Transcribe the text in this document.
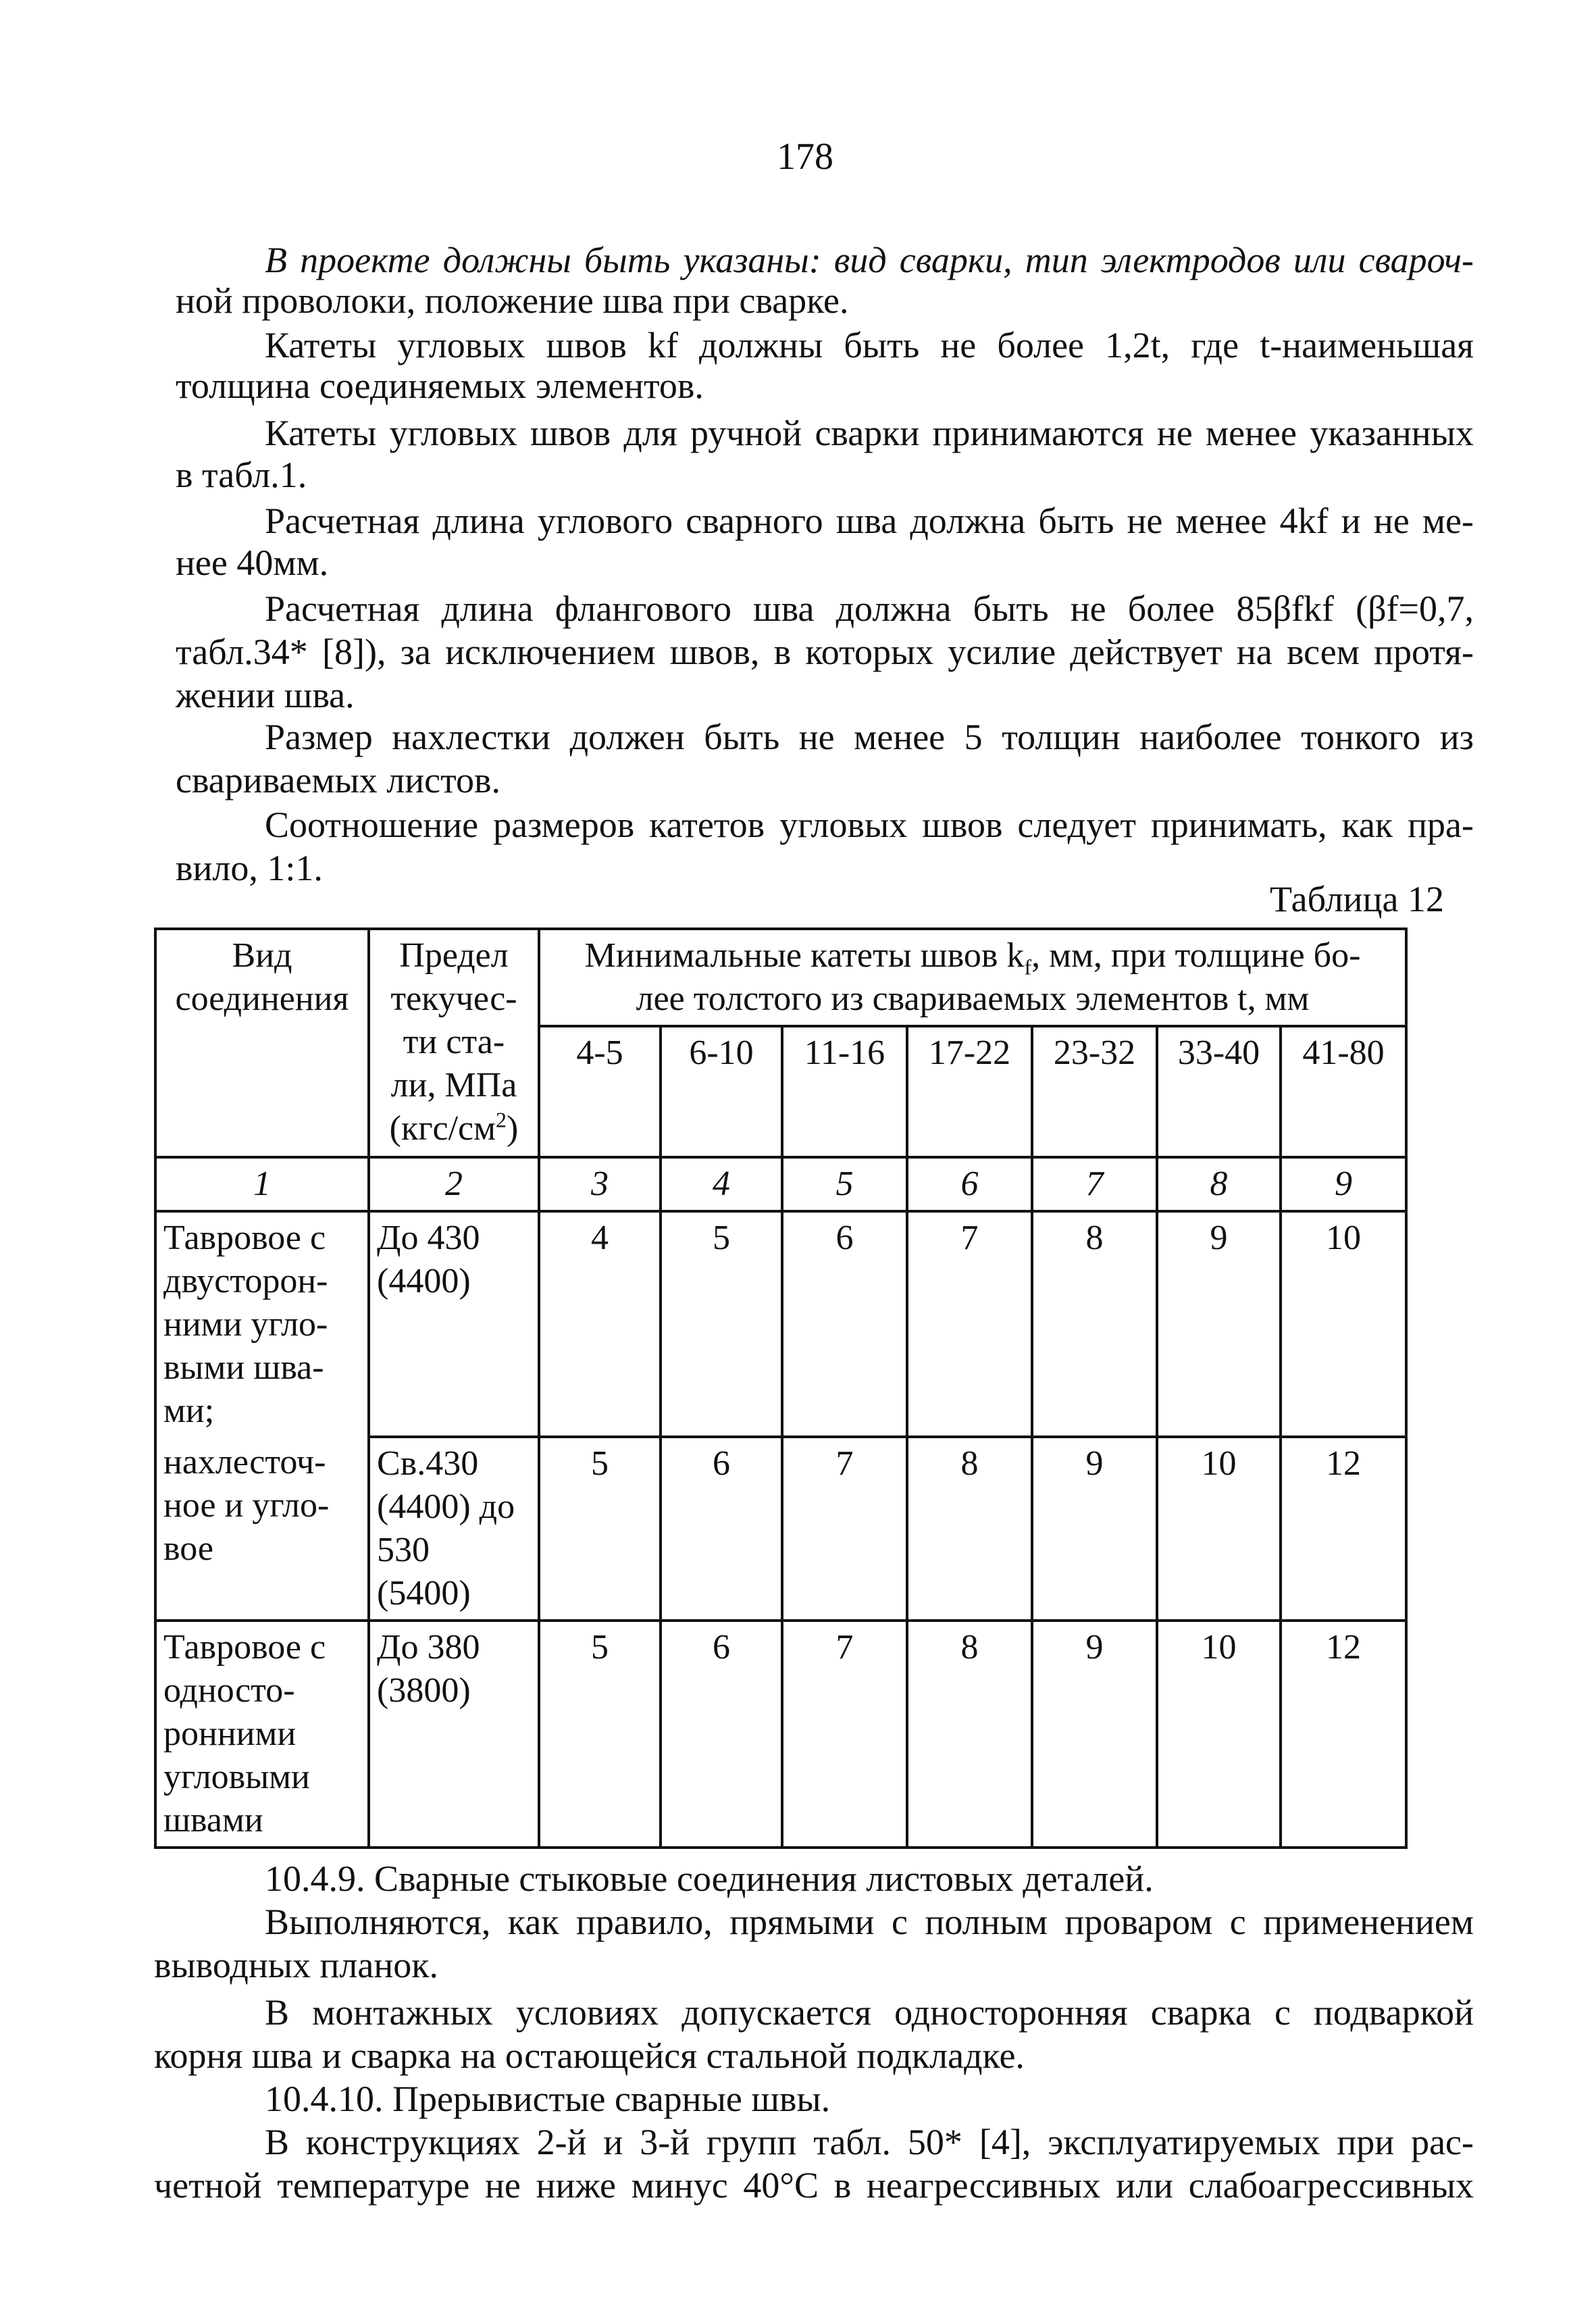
178
В проекте должны быть указаны: вид сварки, тип электродов или свароч-
ной проволоки, положение шва при сварке.
Катеты угловых швов kf должны быть не более 1,2t, где t-наименьшая
толщина соединяемых элементов.
Катеты угловых швов для ручной сварки принимаются не менее указанных
в табл.1.
Расчетная длина углового сварного шва должна быть не менее 4kf и не ме-
нее 40мм.
Расчетная длина флангового шва должна быть не более 85βfkf (βf=0,7,
табл.34* [8]), за исключением швов, в которых усилие действует на всем протя-
жении шва.
Размер нахлестки должен быть не менее 5 толщин наиболее тонкого из
свариваемых листов.
Соотношение размеров катетов угловых швов следует принимать, как пра-
вило, 1:1.
Таблица 12
Вид соединения	Предел текучес-
ти ста-
ли, МПа
$(кгс/см^2)$	Минимальные катеты швов $k_f$, мм, при толщине бо-
лее толстого из свариваемых элементов t, мм						
		4-5	6-10	11-16	17-22	23-32	33-40	41-80
1	2	3	4	5	6	7	8	9
Тавровое с двусторон- ними угло- выми шва- ми;	До 430 (4400)	4	5	6	7	8	9	10
нахлесточ- ное и угло- вое	Св.430 (4400) до 530 (5400)	5	6	7	8	9	10	12
Тавровое с односто- ронними угловыми швами	До 380 (3800)	5	6	7	8	9	10	12
10.4.9. Сварные стыковые соединения листовых деталей.
Выполняются, как правило, прямыми с полным проваром с применением
выводных планок.
В монтажных условиях допускается односторонняя сварка с подваркой
корня шва и сварка на остающейся стальной подкладке.
10.4.10. Прерывистые сварные швы.
В конструкциях 2-й и 3-й групп табл. 50* [4], эксплуатируемых при рас-
четной температуре не ниже минус 40°С в неагрессивных или слабоагрессивных
